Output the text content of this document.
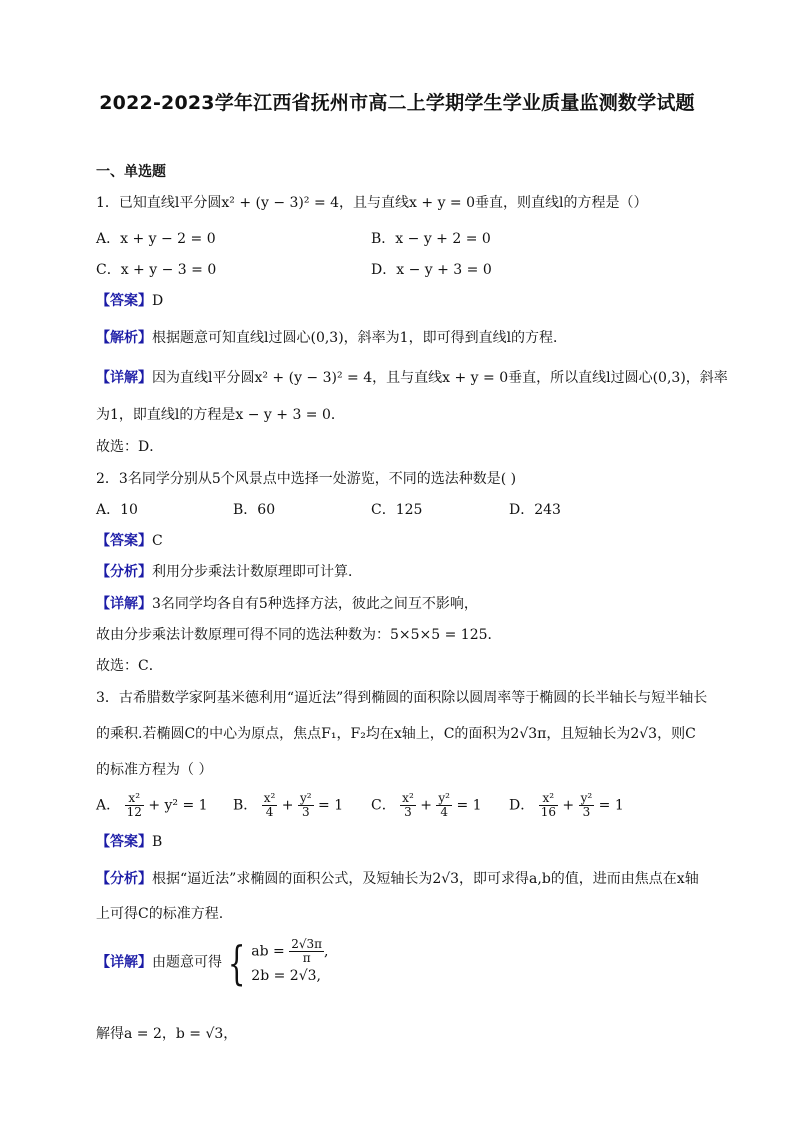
2022-2023学年江西省抚州市高二上学期学生学业质量监测数学试题
一、单选题
1．已知直线l平分圆x² + (y − 3)² = 4，且与直线x + y = 0垂直，则直线l的方程是（）
A．x + y − 2 = 0	B．x − y + 2 = 0
C．x + y − 3 = 0	D．x − y + 3 = 0
【答案】D
【解析】根据题意可知直线l过圆心(0,3)，斜率为1，即可得到直线l的方程．
【详解】因为直线l平分圆x² + (y − 3)² = 4，且与直线x + y = 0垂直，所以直线l过圆心(0,3)，斜率
为1，即直线l的方程是x − y + 3 = 0．
故选：D．
2．3名同学分别从5个风景点中选择一处游览，不同的选法种数是( )
A．10	B．60	C．125	D．243
【答案】C
【分析】利用分步乘法计数原理即可计算．
【详解】3名同学均各自有5种选择方法，彼此之间互不影响，
故由分步乘法计数原理可得不同的选法种数为：5×5×5 = 125．
故选：C．
3．古希腊数学家阿基米德利用“逼近法”得到椭圆的面积除以圆周率等于椭圆的长半轴长与短半轴长
的乘积.若椭圆C的中心为原点，焦点F₁，F₂均在x轴上，C的面积为2√3π，且短轴长为2√3，则C
的标准方程为（ ）
A． $\frac{\text{x²}}{12} + y^2 = 1$ B． $\frac{\text{x²}}{4} + \frac{\text{y²}}{3} = 1$ C． $\frac{\text{x²}}{3} + \frac{\text{y²}}{4} = 1$ D． $\frac{\text{x²}}{16} + \frac{\text{y²}}{3} = 1$
【答案】B
【分析】根据“逼近法”求椭圆的面积公式，及短轴长为2√3，即可求得a,b的值，进而由焦点在x轴
上可得C的标准方程.
【详解】由题意可得 { ab = $\frac{2√3\pi}{\pi}$ ,
2b = 2√3,
解得a = 2，b = √3，
